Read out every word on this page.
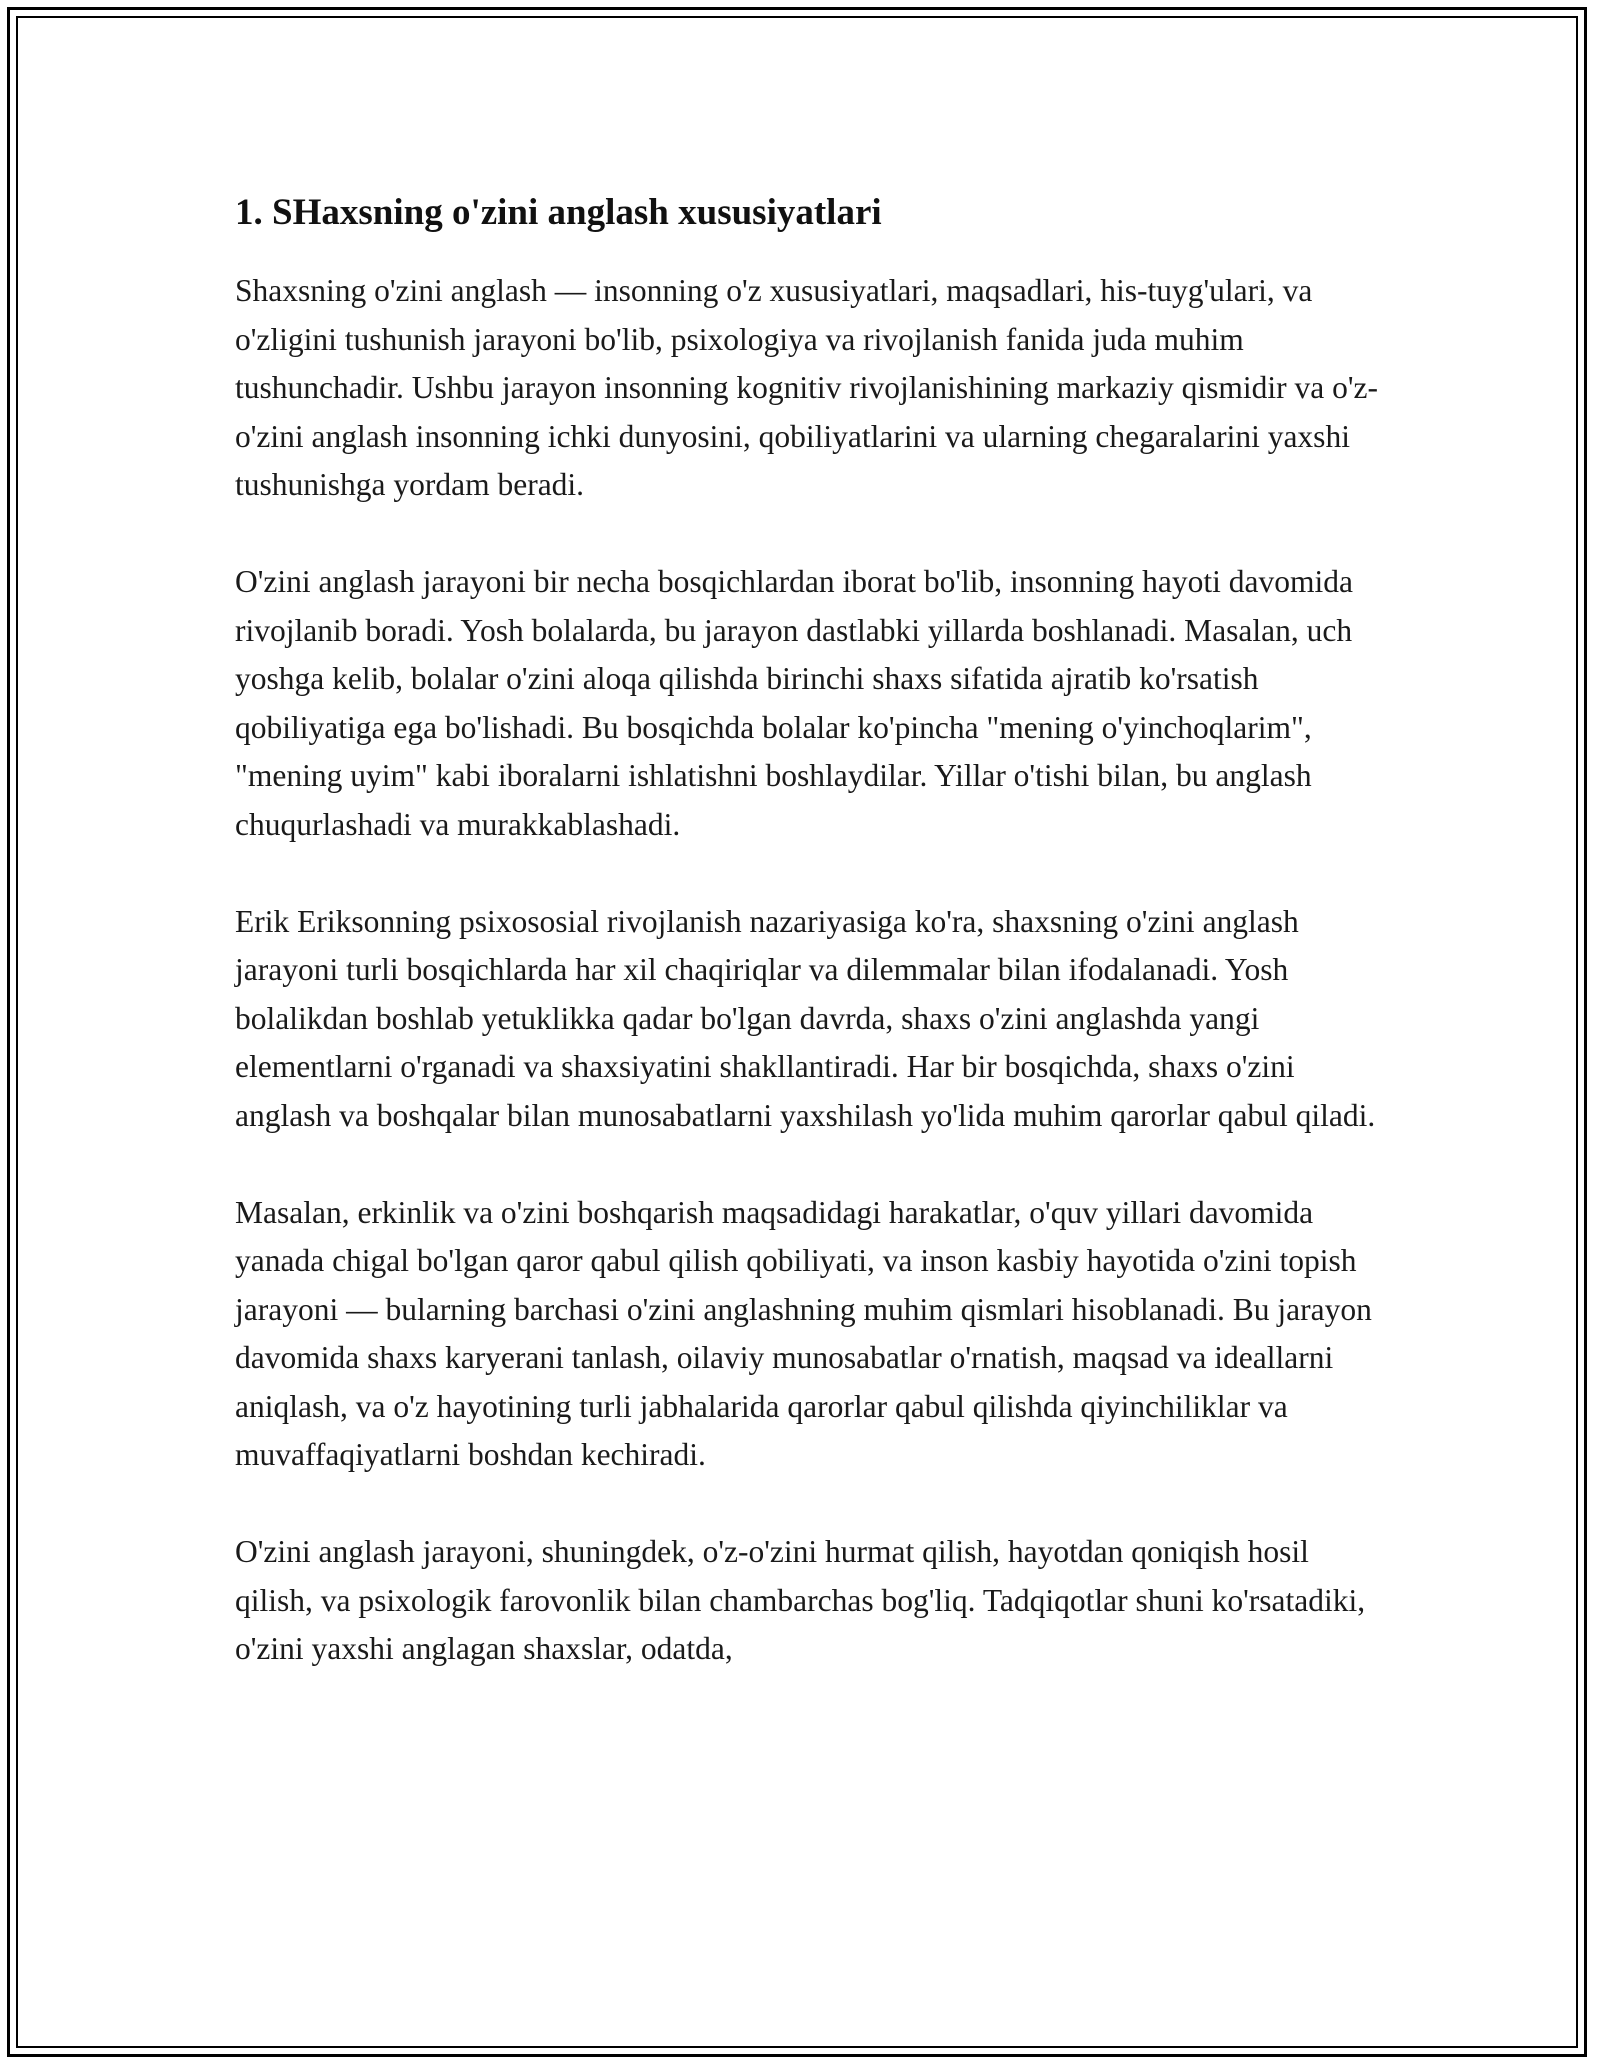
1. SHaxsning o'zini anglash xususiyatlari

Shaxsning o'zini anglash — insonning o'z xususiyatlari, maqsadlari, his-tuyg'ulari, va o'zligini tushunish jarayoni bo'lib, psixologiya va rivojlanish fanida juda muhim tushunchadir. Ushbu jarayon insonning kognitiv rivojlanishining markaziy qismidir va o'z-o'zini anglash insonning ichki dunyosini, qobiliyatlarini va ularning chegaralarini yaxshi tushunishga yordam beradi.

O'zini anglash jarayoni bir necha bosqichlardan iborat bo'lib, insonning hayoti davomida rivojlanib boradi. Yosh bolalarda, bu jarayon dastlabki yillarda boshlanadi. Masalan, uch yoshga kelib, bolalar o'zini aloqa qilishda birinchi shaxs sifatida ajratib ko'rsatish qobiliyatiga ega bo'lishadi. Bu bosqichda bolalar ko'pincha "mening o'yinchoqlarim", "mening uyim" kabi iboralarni ishlatishni boshlaydilar. Yillar o'tishi bilan, bu anglash chuqurlashadi va murakkablashadi.

Erik Eriksonning psixososial rivojlanish nazariyasiga ko'ra, shaxsning o'zini anglash jarayoni turli bosqichlarda har xil chaqiriqlar va dilemmalar bilan ifodalanadi. Yosh bolalikdan boshlab yetuklikka qadar bo'lgan davrda, shaxs o'zini anglashda yangi elementlarni o'rganadi va shaxsiyatini shakllantiradi. Har bir bosqichda, shaxs o'zini anglash va boshqalar bilan munosabatlarni yaxshilash yo'lida muhim qarorlar qabul qiladi.

Masalan, erkinlik va o'zini boshqarish maqsadidagi harakatlar, o'quv yillari davomida yanada chigal bo'lgan qaror qabul qilish qobiliyati, va inson kasbiy hayotida o'zini topish jarayoni — bularning barchasi o'zini anglashning muhim qismlari hisoblanadi. Bu jarayon davomida shaxs karyerani tanlash, oilaviy munosabatlar o'rnatish, maqsad va ideallarni aniqlash, va o'z hayotining turli jabhalarida qarorlar qabul qilishda qiyinchiliklar va muvaffaqiyatlarni boshdan kechiradi.

O'zini anglash jarayoni, shuningdek, o'z-o'zini hurmat qilish, hayotdan qoniqish hosil qilish, va psixologik farovonlik bilan chambarchas bog'liq. Tadqiqotlar shuni ko'rsatadiki, o'zini yaxshi anglagan shaxslar, odatda,
